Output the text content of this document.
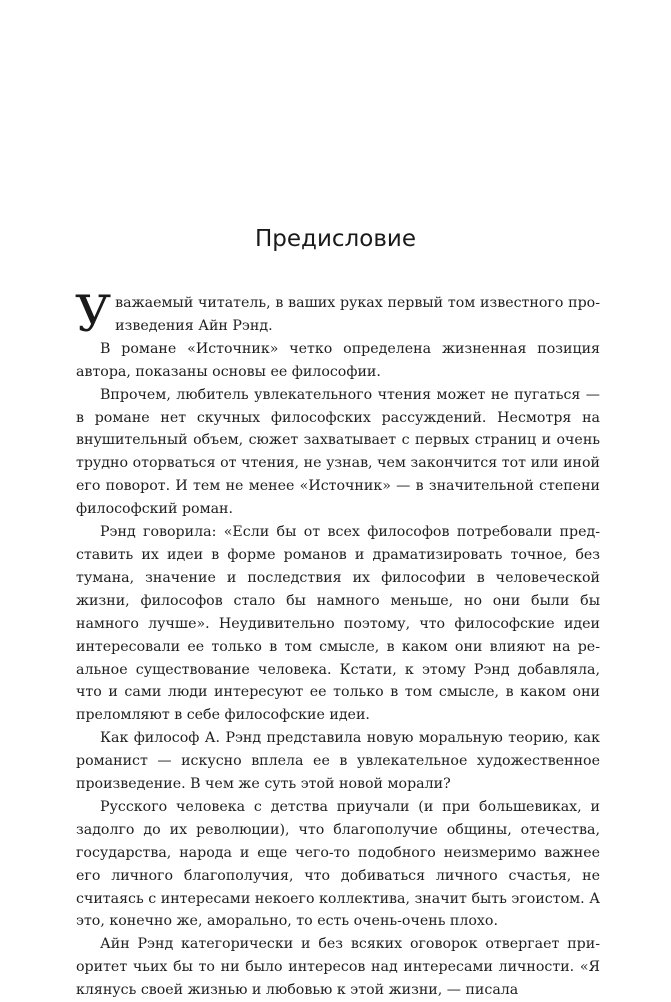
Предисловие

Уважаемый читатель, в ваших руках первый том известного произведения Айн Рэнд.

В романе «Источник» четко определена жизненная позиция автора, показаны основы ее философии.

Впрочем, любитель увлекательного чтения может не пугаться — в романе нет скучных философских рассуждений. Несмотря на внушительный объем, сюжет захватывает с первых страниц и очень трудно оторваться от чтения, не узнав, чем закончится тот или иной его поворот. И тем не менее «Источник» — в значительной степени философский роман.

Рэнд говорила: «Если бы от всех философов потребовали представить их идеи в форме романов и драматизировать точное, без тумана, значение и последствия их философии в человеческой жизни, философов стало бы намного меньше, но они были бы намного лучше». Неудивительно поэтому, что философские идеи интересовали ее только в том смысле, в каком они влияют на реальное существование человека. Кстати, к этому Рэнд добавляла, что и сами люди интересуют ее только в том смысле, в каком они преломляют в себе философские идеи.

Как философ А. Рэнд представила новую моральную теорию, как романист — искусно вплела ее в увлекательное художественное произведение. В чем же суть этой новой морали?

Русского человека с детства приучали (и при большевиках, и задолго до их революции), что благополучие общины, отечества, государства, народа и еще чего-то подобного неизмеримо важнее его личного благополучия, что добиваться личного счастья, не считаясь с интересами некоего коллектива, значит быть эгоистом. А это, конечно же, аморально, то есть очень-очень плохо.

Айн Рэнд категорически и без всяких оговорок отвергает приоритет чьих бы то ни было интересов над интересами личности. «Я клянусь своей жизнью и любовью к этой жизни, — писала
